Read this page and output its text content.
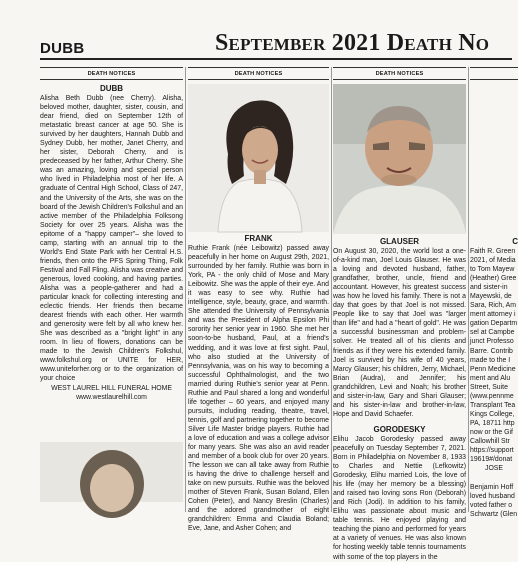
DUBB	September 2021 Death No
DEATH NOTICES
DUBB
Alisha Beth Dubb (nee Cherry). Alisha, beloved mother, daughter, sister, cousin, and dear friend, died on September 12th of metastatic breast cancer at age 50. She is survived by her daughters, Hannah Dubb and Sydney Dubb, her mother, Janet Cherry, and her sister, Deborah Cherry, and is predeceased by her father, Arthur Cherry. She was an amazing, loving and special person who lived in Philadelphia most of her life. A graduate of Central High School, Class of 247, and the University of the Arts, she was on the board of the Jewish Children's Folkshul and an active member of the Philadelphia Folksong Society for over 25 years. Alisha was the epitome of a "happy camper"– she loved to camp, starting with an annual trip to the World's End State Park with her Central H.S. friends, then onto the PFS Spring Thing, Folk Festival and Fall Fling. Alisha was creative and generous, loved cooking, and having parties. Alisha was a people-gatherer and had a particular knack for collecting interesting and eclectic friends. Her friends then became dearest friends with each other. Her warmth and generosity were felt by all who knew her. She was described as a "bright light" in any room. In lieu of flowers, donations can be made to the Jewish Children's Folkshul, www.folkshul.org or UNITE for HER, www.uniteforher.org or to the organization of your choice
WEST LAUREL HILL FUNERAL HOME
www.westlaurelhill.com
DEATH NOTICES
FRANK
Ruthie Frank (née Leibowitz) passed away peacefully in her home on August 29th, 2021, surrounded by her family. Ruthie was born in York, PA - the only child of Mose and Mary Leibowitz. She was the apple of their eye. And it was easy to see why. Ruthie had intelligence, style, beauty, grace, and warmth. She attended the University of Pennsylvania and was the President of Alpha Epsilon Phi sorority her senior year in 1960. She met her soon-to-be husband, Paul, at a friend's wedding, and it was love at first sight. Paul, who also studied at the University of Pennsylvania, was on his way to becoming a successful Ophthalmologist, and the two married during Ruthie's senior year at Penn. Ruthie and Paul shared a long and wonderful life together – 60 years, and enjoyed many pursuits, including reading, theatre, travel, tennis, golf and partnering together to become Silver Life Master bridge players. Ruthie had a love of education and was a college advisor for many years. She was also an avid reader and member of a book club for over 20 years. The lesson we can all take away from Ruthie is having the drive to challenge herself and take on new pursuits. Ruthie was the beloved mother of Steven Frank, Susan Boland, Ellen Cohen (Peter), and Nancy Breslin (Charles) and the adored grandmother of eight grandchildren: Emma and Claudia Boland; Eve, Jane, and Asher Cohen; and
DEATH NOTICES
GLAUSER
On August 30, 2020, the world lost a one-of-a-kind man, Joel Louis Glauser. He was a loving and devoted husband, father, grandfather, brother, uncle, friend and accountant. However, his greatest success was how he loved his family. There is not a day that goes by that Joel is not missed. People like to say that Joel was "larger than life" and had a "heart of gold". He was a successful businessman and problem-solver. He treated all of his clients and friends as if they were his extended family. Joel is survived by his wife of 40 years, Marcy Glauser; his children, Jerry, Michael, Brian (Audra), and Jennifer; his grandchildren, Levi and Noah; his brother and sister-in-law, Gary and Shari Glauser; and his sister-in-law and brother-in-law, Hope and David Schaefer.
GORODESKY
Elihu Jacob Gorodesky passed away peacefully on Tuesday September 7, 2021. Born in Philadelphia on November 8, 1933 to Charles and Nettie (Lefkowitz) Gorodesky, Elihu married Lois, the love of his life (may her memory be a blessing) and raised two loving sons Ron (Deborah) and Rich (Jodi). In addition to his family, Elihu was passionate about music and table tennis. He enjoyed playing and teaching the piano and performed for years at a variety of venues. He was also known for hosting weekly table tennis tournaments with some of the top players in the
C
Faith R. Green 2021, of Media to Tom Mayew (Heather) Gree and sister-in Mayewski, de Sara, Rich, Am ment attorney i gation Departm sel at Campbe junct Professo Barre. Contrib made to the I Penn Medicine ment and Alu Street, Suite (www.pennme Transplant Tea Kings College, PA, 18711 http now or the Gif Callowhill Str https://support 19619#/donat
JOSE
Benjamin Hoff loved husband voted father o Schwartz (Glen
